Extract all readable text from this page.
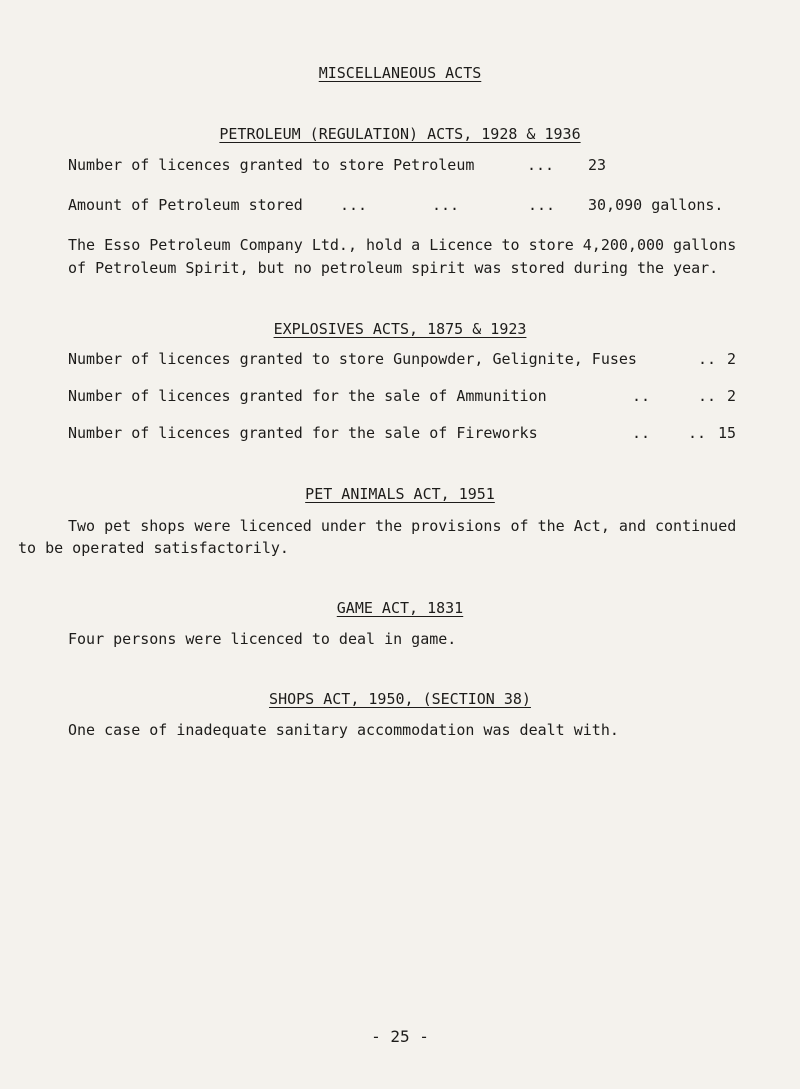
MISCELLANEOUS ACTS
PETROLEUM (REGULATION) ACTS, 1928 & 1936
Number of licences granted to store Petroleum	... 23
Amount of Petroleum stored ...	...	... 30,090 gallons.
The Esso Petroleum Company Ltd., hold a Licence to store 4,200,000 gallons
of Petroleum Spirit, but no petroleum spirit was stored during the year.
EXPLOSIVES ACTS, 1875 & 1923
Number of licences granted to store Gunpowder, Gelignite, Fuses	.. 2
Number of licences granted for the sale of Ammunition	..	.. 2
Number of licences granted for the sale of Fireworks	..	.. 15
PET ANIMALS ACT, 1951
Two pet shops were licenced under the provisions of the Act, and continued
to be operated satisfactorily.
GAME ACT, 1831
Four persons were licenced to deal in game.
SHOPS ACT, 1950, (SECTION 38)
One case of inadequate sanitary accommodation was dealt with.
- 25 -
